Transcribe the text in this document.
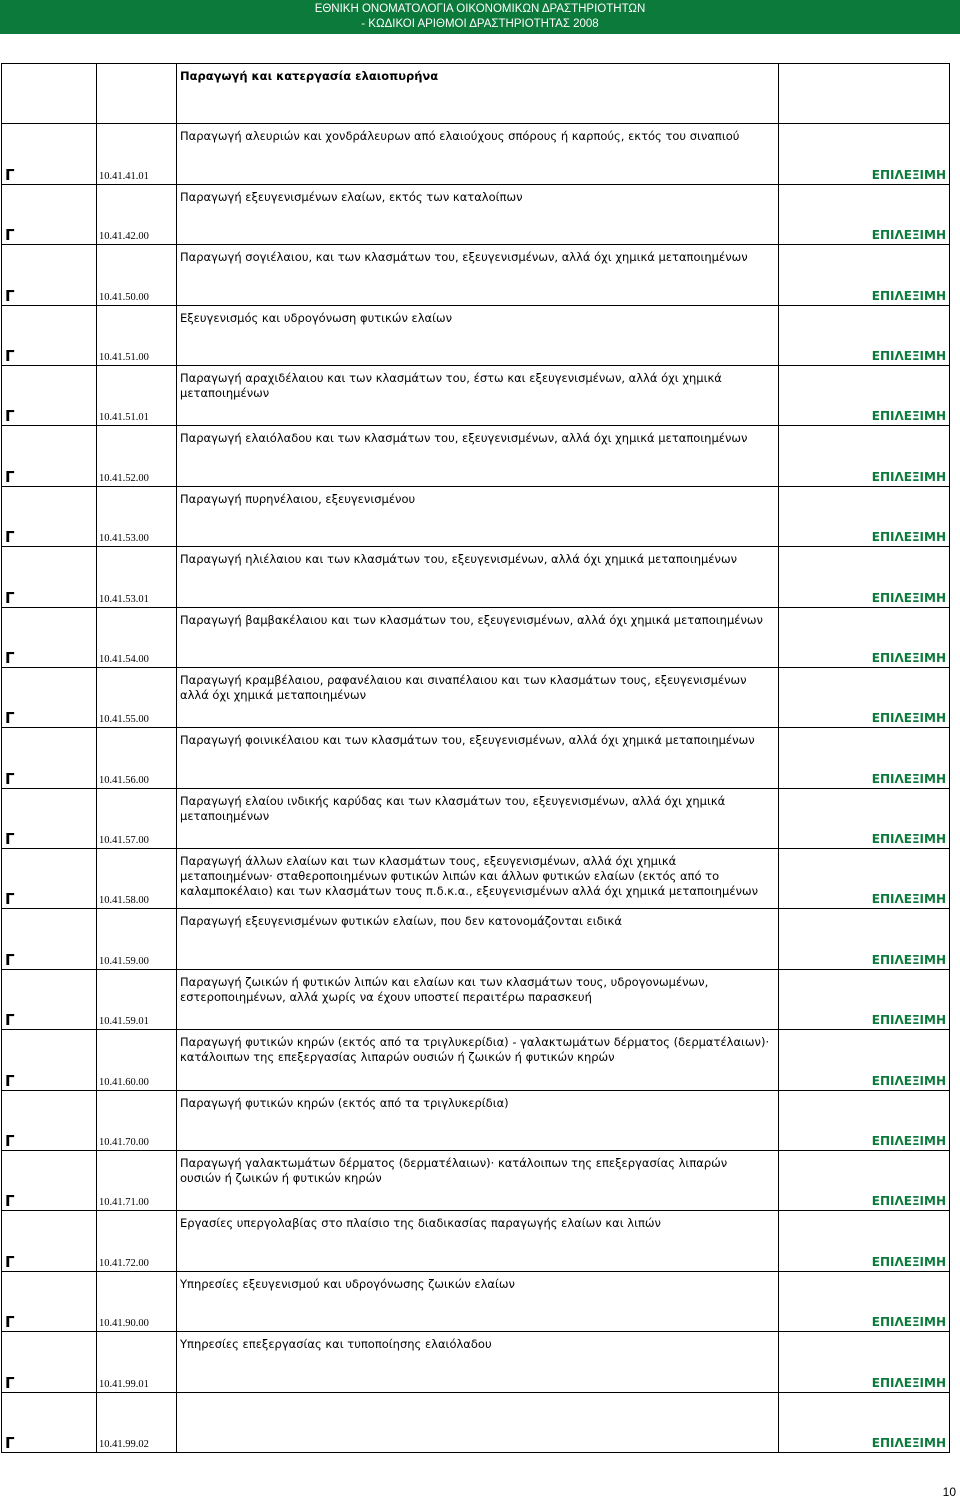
ΕΘΝΙΚΗ ΟΝΟΜΑΤΟΛΟΓΙΑ ΟΙΚΟΝΟΜΙΚΩΝ ΔΡΑΣΤΗΡΙΟΤΗΤΩΝ
- ΚΩΔΙΚΟΙ ΑΡΙΘΜΟΙ ΔΡΑΣΤΗΡΙΟΤΗΤΑΣ 2008

		Παραγωγή και κατεργασία ελαιοπυρήνα	

Γ	10.41.41.01	Παραγωγή αλευριών και χονδράλευρων από ελαιούχους σπόρους ή καρπούς, εκτός του σιναπιού	ΕΠΙΛΕΞΙΜΗ

Γ	10.41.42.00	Παραγωγή εξευγενισμένων ελαίων, εκτός των καταλοίπων	ΕΠΙΛΕΞΙΜΗ

Γ	10.41.50.00	Παραγωγή σογιέλαιου, και των κλασμάτων του, εξευγενισμένων, αλλά όχι χημικά μεταποιημένων	ΕΠΙΛΕΞΙΜΗ

Γ	10.41.51.00	Εξευγενισμός και υδρογόνωση φυτικών ελαίων	ΕΠΙΛΕΞΙΜΗ

Γ	10.41.51.01	Παραγωγή αραχιδέλαιου και των κλασμάτων του, έστω και εξευγενισμένων, αλλά όχι χημικά μεταποιημένων	ΕΠΙΛΕΞΙΜΗ

Γ	10.41.52.00	Παραγωγή ελαιόλαδου και των κλασμάτων του, εξευγενισμένων, αλλά όχι χημικά μεταποιημένων	ΕΠΙΛΕΞΙΜΗ

Γ	10.41.53.00	Παραγωγή πυρηνέλαιου, εξευγενισμένου	ΕΠΙΛΕΞΙΜΗ

Γ	10.41.53.01	Παραγωγή ηλιέλαιου και των κλασμάτων του, εξευγενισμένων, αλλά όχι χημικά μεταποιημένων	ΕΠΙΛΕΞΙΜΗ

Γ	10.41.54.00	Παραγωγή βαμβακέλαιου και των κλασμάτων του, εξευγενισμένων, αλλά όχι χημικά μεταποιημένων	ΕΠΙΛΕΞΙΜΗ

Γ	10.41.55.00	Παραγωγή κραμβέλαιου, ραφανέλαιου και σιναπέλαιου και των κλασμάτων τους, εξευγενισμένων αλλά όχι χημικά μεταποιημένων	ΕΠΙΛΕΞΙΜΗ

Γ	10.41.56.00	Παραγωγή φοινικέλαιου και των κλασμάτων του, εξευγενισμένων, αλλά όχι χημικά μεταποιημένων	ΕΠΙΛΕΞΙΜΗ

Γ	10.41.57.00	Παραγωγή ελαίου ινδικής καρύδας και των κλασμάτων του, εξευγενισμένων, αλλά όχι χημικά μεταποιημένων	ΕΠΙΛΕΞΙΜΗ

Γ	10.41.58.00	Παραγωγή άλλων ελαίων και των κλασμάτων τους, εξευγενισμένων, αλλά όχι χημικά μεταποιημένων· σταθεροποιημένων φυτικών λιπών και άλλων φυτικών ελαίων (εκτός από το καλαμποκέλαιο) και των κλασμάτων τους π.δ.κ.α., εξευγενισμένων αλλά όχι χημικά μεταποιημένων	ΕΠΙΛΕΞΙΜΗ

Γ	10.41.59.00	Παραγωγή εξευγενισμένων φυτικών ελαίων, που δεν κατονομάζονται ειδικά	ΕΠΙΛΕΞΙΜΗ

Γ	10.41.59.01	Παραγωγή ζωικών ή φυτικών λιπών και ελαίων και των κλασμάτων τους, υδρογονωμένων, εστεροποιημένων, αλλά χωρίς να έχουν υποστεί περαιτέρω παρασκευή	ΕΠΙΛΕΞΙΜΗ

Γ	10.41.60.00	Παραγωγή φυτικών κηρών (εκτός από τα τριγλυκερίδια) - γαλακτωμάτων δέρματος (δερματέλαιων)· κατάλοιπων της επεξεργασίας λιπαρών ουσιών ή ζωικών ή φυτικών κηρών	ΕΠΙΛΕΞΙΜΗ

Γ	10.41.70.00	Παραγωγή φυτικών κηρών (εκτός από τα τριγλυκερίδια)	ΕΠΙΛΕΞΙΜΗ

Γ	10.41.71.00	Παραγωγή γαλακτωμάτων δέρματος (δερματέλαιων)· κατάλοιπων της επεξεργασίας λιπαρών ουσιών ή ζωικών ή φυτικών κηρών	ΕΠΙΛΕΞΙΜΗ

Γ	10.41.72.00	Εργασίες υπεργολαβίας στο πλαίσιο της διαδικασίας παραγωγής ελαίων και λιπών	ΕΠΙΛΕΞΙΜΗ

Γ	10.41.90.00	Υπηρεσίες εξευγενισμού και υδρογόνωσης ζωικών ελαίων	ΕΠΙΛΕΞΙΜΗ

Γ	10.41.99.01	Υπηρεσίες επεξεργασίας και τυποποίησης ελαιόλαδου	ΕΠΙΛΕΞΙΜΗ

Γ	10.41.99.02		ΕΠΙΛΕΞΙΜΗ
10
